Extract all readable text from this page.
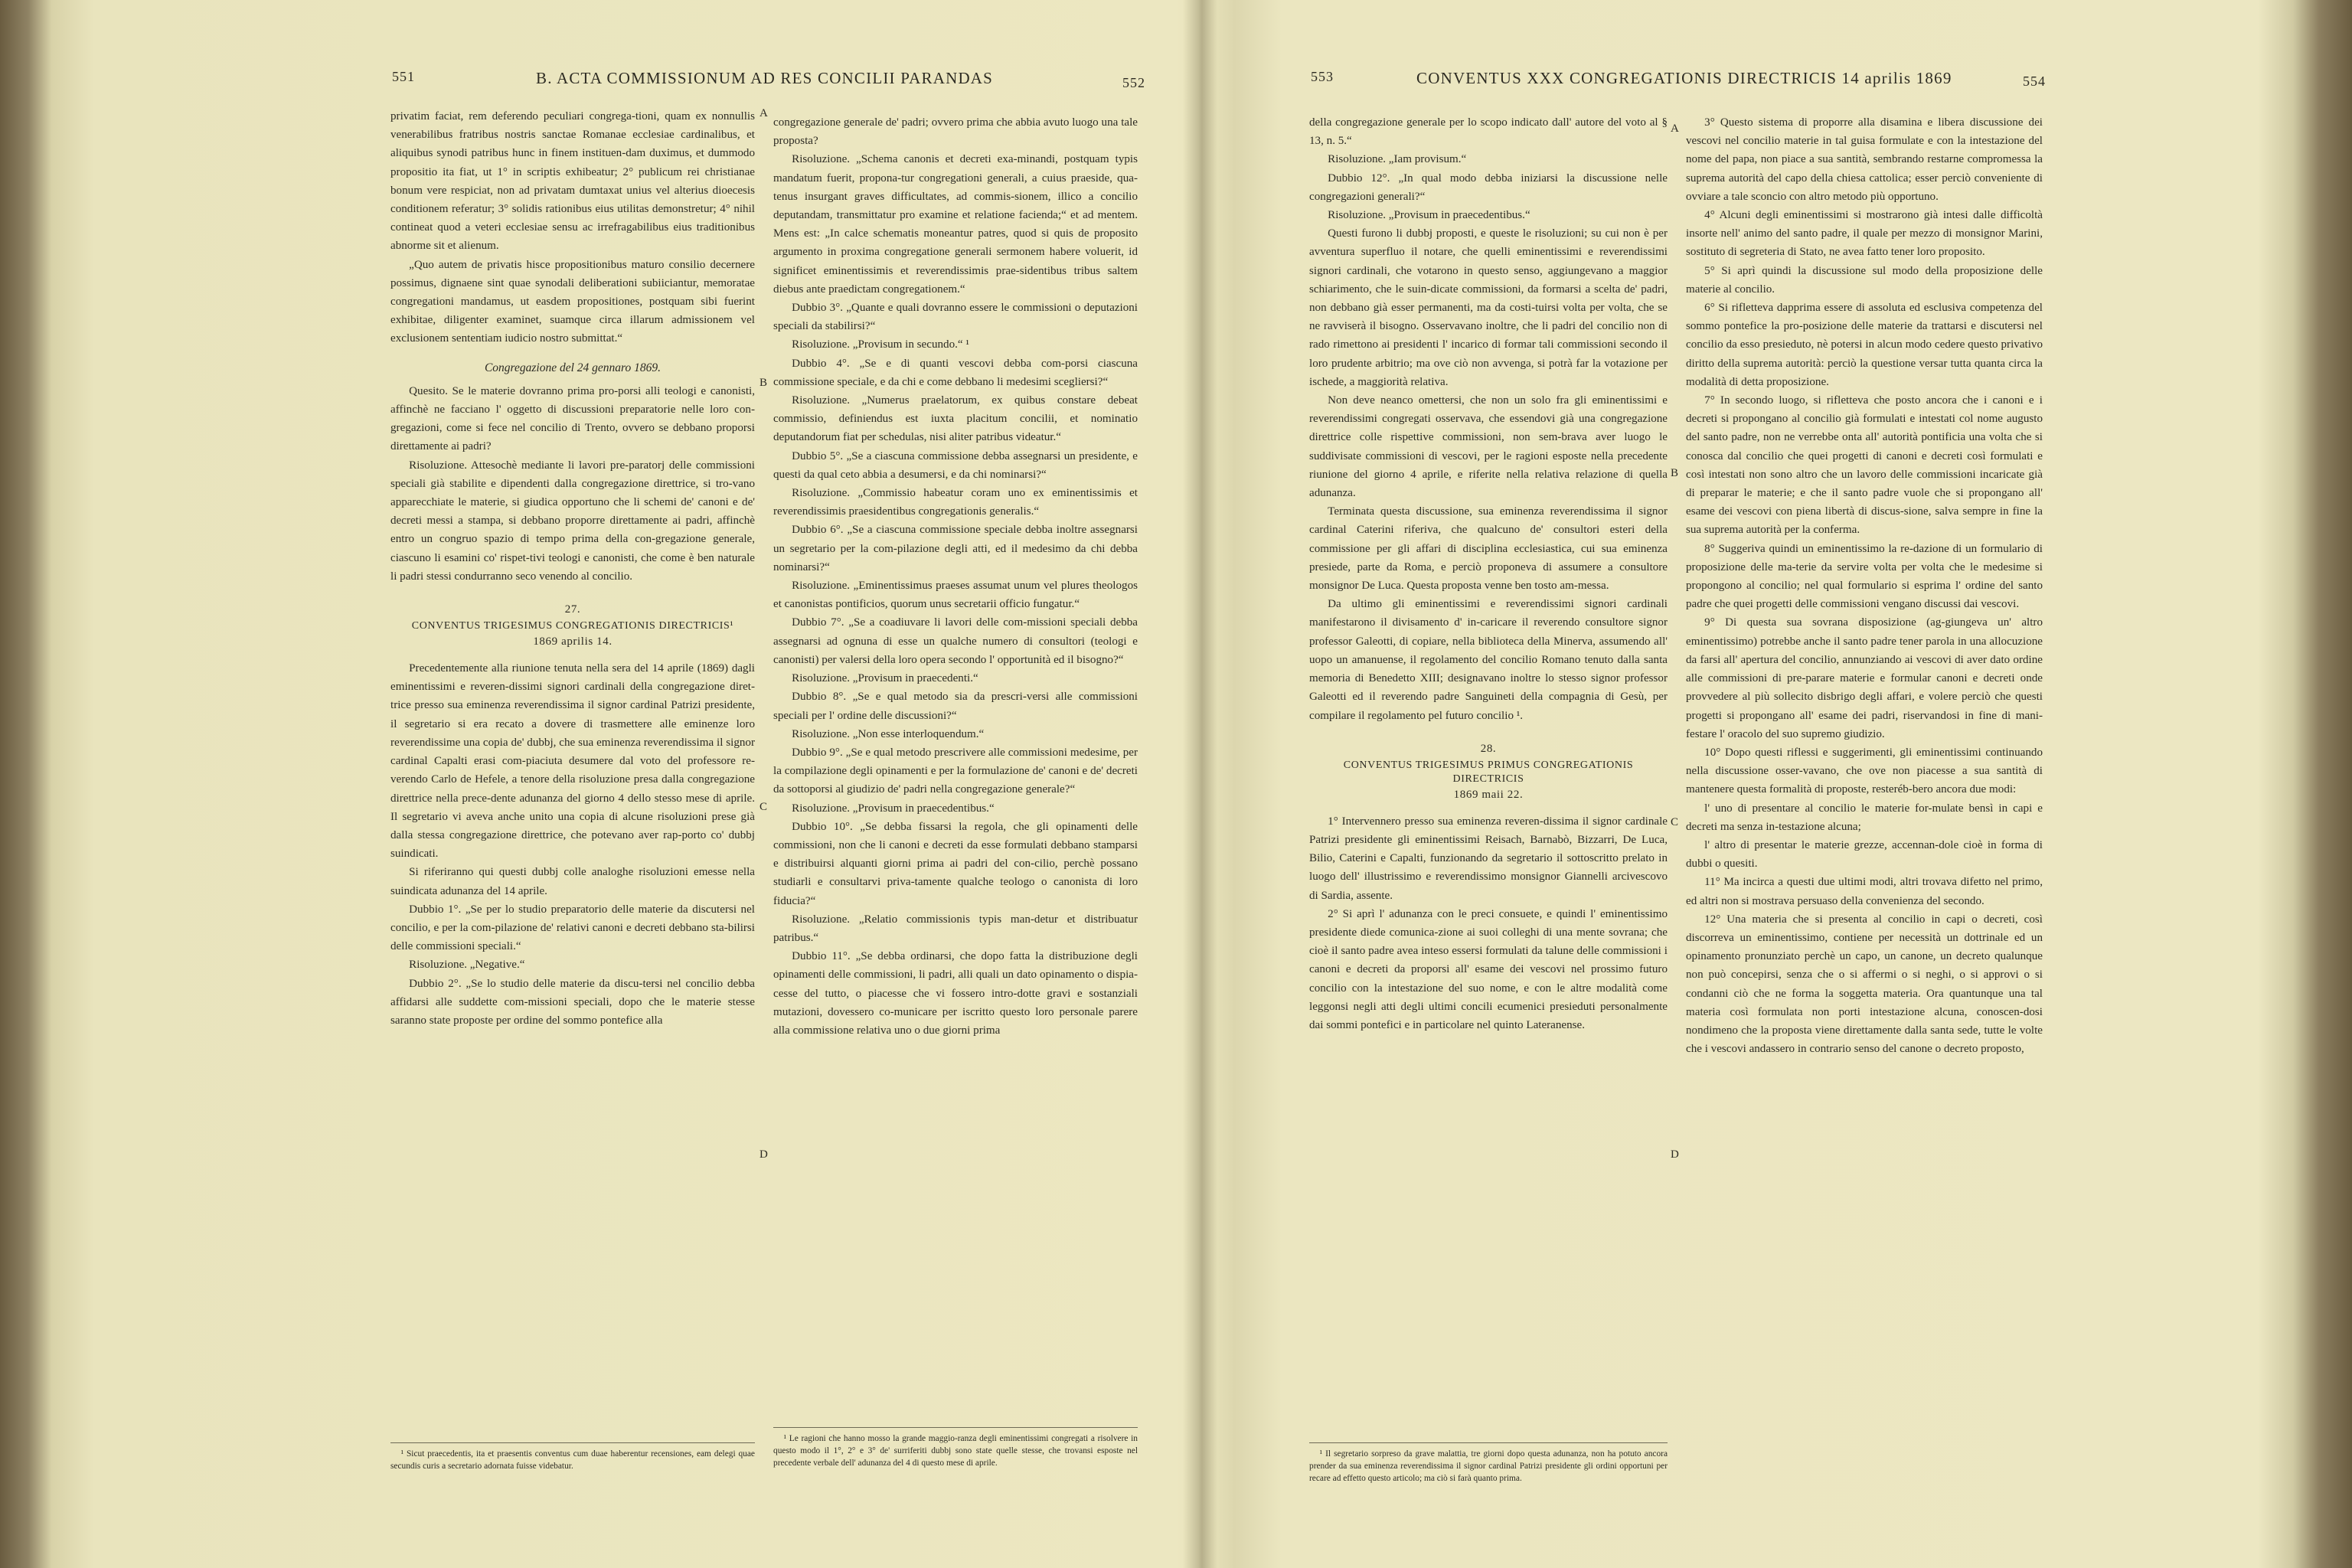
551	B. ACTA COMMISSIONUM AD RES CONCILII PARANDAS	552

privatim faciat, rem deferendo peculiari congrega-tioni, quam ex nonnullis venerabilibus fratribus nostris sanctae Romanae ecclesiae cardinalibus, et aliquibus synodi patribus hunc in finem instituen-dam duximus, et dummodo propositio ita fiat, ut 1° in scriptis exhibeatur; 2° publicum rei christianae bonum vere respiciat, non ad privatam dumtaxat unius vel alterius dioecesis conditionem referatur; 3° solidis rationibus eius utilitas demonstretur; 4° nihil contineat quod a veteri ecclesiae sensu ac irrefragabilibus eius traditionibus abnorme sit et alienum.

„Quo autem de privatis hisce propositionibus maturo consilio decernere possimus, dignaene sint quae synodali deliberationi subiiciantur, memoratae congregationi mandamus, ut easdem propositiones, postquam sibi fuerint exhibitae, diligenter examinet, suamque circa illarum admissionem vel exclusionem sententiam iudicio nostro submittat.“

Congregazione del 24 gennaro 1869.

Quesito. Se le materie dovranno prima pro-porsi alli teologi e canonisti, affinchè ne facciano l' oggetto di discussioni preparatorie nelle loro con-gregazioni, come si fece nel concilio di Trento, ovvero se debbano proporsi direttamente ai padri?

Risoluzione. Attesochè mediante li lavori pre-paratorj delle commissioni speciali già stabilite e dipendenti dalla congregazione direttrice, si tro-vano apparecchiate le materie, si giudica opportuno che li schemi de' canoni e de' decreti messi a stampa, si debbano proporre direttamente ai padri, affinchè entro un congruo spazio di tempo prima della con-gregazione generale, ciascuno li esamini co' rispet-tivi teologi e canonisti, che come è ben naturale li padri stessi condurranno seco venendo al concilio.

27.
CONVENTUS TRIGESIMUS CONGREGATIONIS DIRECTRICIS¹
1869 aprilis 14.

Precedentemente alla riunione tenuta nella sera del 14 aprile (1869) dagli eminentissimi e reveren-dissimi signori cardinali della congregazione diret-trice presso sua eminenza reverendissima il signor cardinal Patrizi presidente, il segretario si era recato a dovere di trasmettere alle eminenze loro reverendissime una copia de' dubbj, che sua eminenza reverendissima il signor cardinal Capalti erasi com-piaciuta desumere dal voto del professore re-verendo Carlo de Hefele, a tenore della risoluzione presa dalla congregazione direttrice nella prece-dente adunanza del giorno 4 dello stesso mese di aprile. Il segretario vi aveva anche unito una copia di alcune risoluzioni prese già dalla stessa congregazione direttrice, che potevano aver rap-porto co' dubbj suindicati.

Si riferiranno qui questi dubbj colle analoghe risoluzioni emesse nella suindicata adunanza del 14 aprile.

Dubbio 1°. „Se per lo studio preparatorio delle materie da discutersi nel concilio, e per la com-pilazione de' relativi canoni e decreti debbano sta-bilirsi delle commissioni speciali.“

Risoluzione. „Negative.“

Dubbio 2°. „Se lo studio delle materie da discu-tersi nel concilio debba affidarsi alle suddette com-missioni speciali, dopo che le materie stesse saranno state proposte per ordine del sommo pontefice alla

¹ Sicut praecedentis, ita et praesentis conventus cum duae haberentur recensiones, eam delegi quae secundis curis a secretario adornata fuisse videbatur.

congregazione generale de' padri; ovvero prima che abbia avuto luogo una tale proposta?

Risoluzione. „Schema canonis et decreti exa-minandi, postquam typis mandatum fuerit, propona-tur congregationi generali, a cuius praeside, qua-tenus insurgant graves difficultates, ad commis-sionem, illico a concilio deputandam, transmittatur pro examine et relatione facienda;“ et ad mentem. Mens est: „In calce schematis moneantur patres, quod si quis de proposito argumento in proxima congregatione generali sermonem habere voluerit, id significet eminentissimis et reverendissimis prae-sidentibus tribus saltem diebus ante praedictam congregationem.“

Dubbio 3°. „Quante e quali dovranno essere le commissioni o deputazioni speciali da stabilirsi?“

Risoluzione. „Provisum in secundo.“ ¹

Dubbio 4°. „Se e di quanti vescovi debba com-porsi ciascuna commissione speciale, e da chi e come debbano li medesimi scegliersi?“

Risoluzione. „Numerus praelatorum, ex quibus constare debeat commissio, definiendus est iuxta placitum concilii, et nominatio deputandorum fiat per schedulas, nisi aliter patribus videatur.“

Dubbio 5°. „Se a ciascuna commissione debba assegnarsi un presidente, e questi da qual ceto abbia a desumersi, e da chi nominarsi?“

Risoluzione. „Commissio habeatur coram uno ex eminentissimis et reverendissimis praesidentibus congregationis generalis.“

Dubbio 6°. „Se a ciascuna commissione speciale debba inoltre assegnarsi un segretario per la com-pilazione degli atti, ed il medesimo da chi debba nominarsi?“

Risoluzione. „Eminentissimus praeses assumat unum vel plures theologos et canonistas pontificios, quorum unus secretarii officio fungatur.“

Dubbio 7°. „Se a coadiuvare li lavori delle com-missioni speciali debba assegnarsi ad ognuna di esse un qualche numero di consultori (teologi e canonisti) per valersi della loro opera secondo l' opportunità ed il bisogno?“

Risoluzione. „Provisum in praecedenti.“

Dubbio 8°. „Se e qual metodo sia da prescri-versi alle commissioni speciali per l' ordine delle discussioni?“

Risoluzione. „Non esse interloquendum.“

Dubbio 9°. „Se e qual metodo prescrivere alle commissioni medesime, per la compilazione degli opinamenti e per la formulazione de' canoni e de' decreti da sottoporsi al giudizio de' padri nella congregazione generale?“

Risoluzione. „Provisum in praecedentibus.“

Dubbio 10°. „Se debba fissarsi la regola, che gli opinamenti delle commissioni, non che li canoni e decreti da esse formulati debbano stamparsi e distribuirsi alquanti giorni prima ai padri del con-cilio, perchè possano studiarli e consultarvi priva-tamente qualche teologo o canonista di loro fiducia?“

Risoluzione. „Relatio commissionis typis man-detur et distribuatur patribus.“

Dubbio 11°. „Se debba ordinarsi, che dopo fatta la distribuzione degli opinamenti delle commissioni, li padri, alli quali un dato opinamento o dispia-cesse del tutto, o piacesse che vi fossero intro-dotte gravi e sostanziali mutazioni, dovessero co-municare per iscritto questo loro personale parere alla commissione relativa uno o due giorni prima

¹ Le ragioni che hanno mosso la grande maggio-ranza degli eminentissimi congregati a risolvere in questo modo il 1°, 2° e 3° de' surriferiti dubbj sono state quelle stesse, che trovansi esposte nel precedente verbale dell' adunanza del 4 di questo mese di aprile.

A
B
C
D
553	CONVENTUS XXX CONGREGATIONIS DIRECTRICIS 14 aprilis 1869	554

della congregazione generale per lo scopo indicato dall' autore del voto al § 13, n. 5.“

Risoluzione. „Iam provisum.“

Dubbio 12°. „In qual modo debba iniziarsi la discussione nelle congregazioni generali?“

Risoluzione. „Provisum in praecedentibus.“

Questi furono li dubbj proposti, e queste le risoluzioni; su cui non è per avventura superfluo il notare, che quelli eminentissimi e reverendissimi signori cardinali, che votarono in questo senso, aggiungevano a maggior schiarimento, che le suin-dicate commissioni, da formarsi a scelta de' padri, non debbano già esser permanenti, ma da costi-tuirsi volta per volta, che se ne ravviserà il bisogno. Osservavano inoltre, che li padri del concilio non di rado rimettono ai presidenti l' incarico di formar tali commissioni secondo il loro prudente arbitrio; ma ove ciò non avvenga, si potrà far la votazione per ischede, a maggiorità relativa.

Non deve neanco omettersi, che non un solo fra gli eminentissimi e reverendissimi congregati osservava, che essendovi già una congregazione direttrice colle rispettive commissioni, non sem-brava aver luogo le suddivisate commissioni di vescovi, per le ragioni esposte nella precedente riunione del giorno 4 aprile, e riferite nella relativa relazione di quella adunanza.

Terminata questa discussione, sua eminenza reverendissima il signor cardinal Caterini riferiva, che qualcuno de' consultori esteri della commissione per gli affari di disciplina ecclesiastica, cui sua eminenza presiede, parte da Roma, e perciò proponeva di assumere a consultore monsignor De Luca. Questa proposta venne ben tosto am-messa.

Da ultimo gli eminentissimi e reverendissimi signori cardinali manifestarono il divisamento d' in-caricare il reverendo consultore signor professor Galeotti, di copiare, nella biblioteca della Minerva, assumendo all' uopo un amanuense, il regolamento del concilio Romano tenuto dalla santa memoria di Benedetto XIII; designavano inoltre lo stesso signor professor Galeotti ed il reverendo padre Sanguineti della compagnia di Gesù, per compilare il regolamento pel futuro concilio ¹.

28.
CONVENTUS TRIGESIMUS PRIMUS CONGREGATIONIS DIRECTRICIS
1869 maii 22.

1° Intervennero presso sua eminenza reveren-dissima il signor cardinale Patrizi presidente gli eminentissimi Reisach, Barnabò, Bizzarri, De Luca, Bilio, Caterini e Capalti, funzionando da segretario il sottoscritto prelato in luogo dell' illustrissimo e reverendissimo monsignor Giannelli arcivescovo di Sardia, assente.

2° Si aprì l' adunanza con le preci consuete, e quindi l' eminentissimo presidente diede comunica-zione ai suoi colleghi di una mente sovrana; che cioè il santo padre avea inteso essersi formulati da talune delle commissioni i canoni e decreti da proporsi all' esame dei vescovi nel prossimo futuro concilio con la intestazione del suo nome, e con le altre modalità come leggonsi negli atti degli ultimi concili ecumenici presieduti personalmente dai sommi pontefici e in particolare nel quinto Lateranense.

¹ Il segretario sorpreso da grave malattia, tre giorni dopo questa adunanza, non ha potuto ancora prender da sua eminenza reverendissima il signor cardinal Patrizi presidente gli ordini opportuni per recare ad effetto questo articolo; ma ciò si farà quanto prima.

3° Questo sistema di proporre alla disamina e libera discussione dei vescovi nel concilio materie in tal guisa formulate e con la intestazione del nome del papa, non piace a sua santità, sembrando restarne compromessa la suprema autorità del capo della chiesa cattolica; esser perciò conveniente di ovviare a tale sconcio con altro metodo più opportuno.

4° Alcuni degli eminentissimi si mostrarono già intesi dalle difficoltà insorte nell' animo del santo padre, il quale per mezzo di monsignor Marini, sostituto di segreteria di Stato, ne avea fatto tener loro proposito.

5° Si aprì quindi la discussione sul modo della proposizione delle materie al concilio.

6° Si riflettevа dapprima essere di assoluta ed esclusiva competenza del sommo pontefice la pro-posizione delle materie da trattarsi e discutersi nel concilio da esso presieduto, nè potersi in alcun modo cedere questo privativo diritto della suprema autorità: perciò la questione versar tutta quanta circa la modalità di detta proposizione.

7° In secondo luogo, si rifletteva che posto ancora che i canoni e i decreti si propongano al concilio già formulati e intestati col nome augusto del santo padre, non ne verrebbe onta all' autorità pontificia una volta che si conosca dal concilio che quei progetti di canoni e decreti così formulati e così intestati non sono altro che un lavoro delle commissioni incaricate già di preparar le materie; e che il santo padre vuole che si propongano all' esame dei vescovi con piena libertà di discus-sione, salva sempre in fine la sua suprema autorità per la conferma.

8° Suggeriva quindi un eminentissimo la re-dazione di un formulario di proposizione delle ma-terie da servire volta per volta che le medesime si propongono al concilio; nel qual formulario si esprima l' ordine del santo padre che quei progetti delle commissioni vengano discussi dai vescovi.

9° Di questa sua sovrana disposizione (ag-giungeva un' altro eminentissimo) potrebbe anche il santo padre tener parola in una allocuzione da farsi all' apertura del concilio, annunziando ai vescovi di aver dato ordine alle commissioni di pre-parare materie e formular canoni e decreti onde provvedere al più sollecito disbrigo degli affari, e volere perciò che questi progetti si propongano all' esame dei padri, riservandosi in fine di mani-festare l' oracolo del suo supremo giudizio.

10° Dopo questi riflessi e suggerimenti, gli eminentissimi continuando nella discussione osser-vavano, che ove non piacesse a sua santità di mantenere questa formalità di proposte, resteréb-bero ancora due modi:

l' uno di presentare al concilio le materie for-mulate bensì in capi e decreti ma senza in-testazione alcuna;

l' altro di presentar le materie grezze, accennan-dole cioè in forma di dubbi o quesiti.

11° Ma incirca a questi due ultimi modi, altri trovava difetto nel primo, ed altri non si mostrava persuaso della convenienza del secondo.

12° Una materia che si presenta al concilio in capi o decreti, così discorreva un eminentissimo, contiene per necessità un dottrinale ed un opinamento pronunziato perchè un capo, un canone, un decreto qualunque non può concepirsi, senza che o si affermi o si neghi, o si approvi o si condanni ciò che ne forma la soggetta materia. Ora quantunque una tal materia così formulata non porti intestazione alcuna, conoscen-dosi nondimeno che la proposta viene direttamente dalla santa sede, tutte le volte che i vescovi andassero in contrario senso del canone o decreto proposto,

A
B
C
D
